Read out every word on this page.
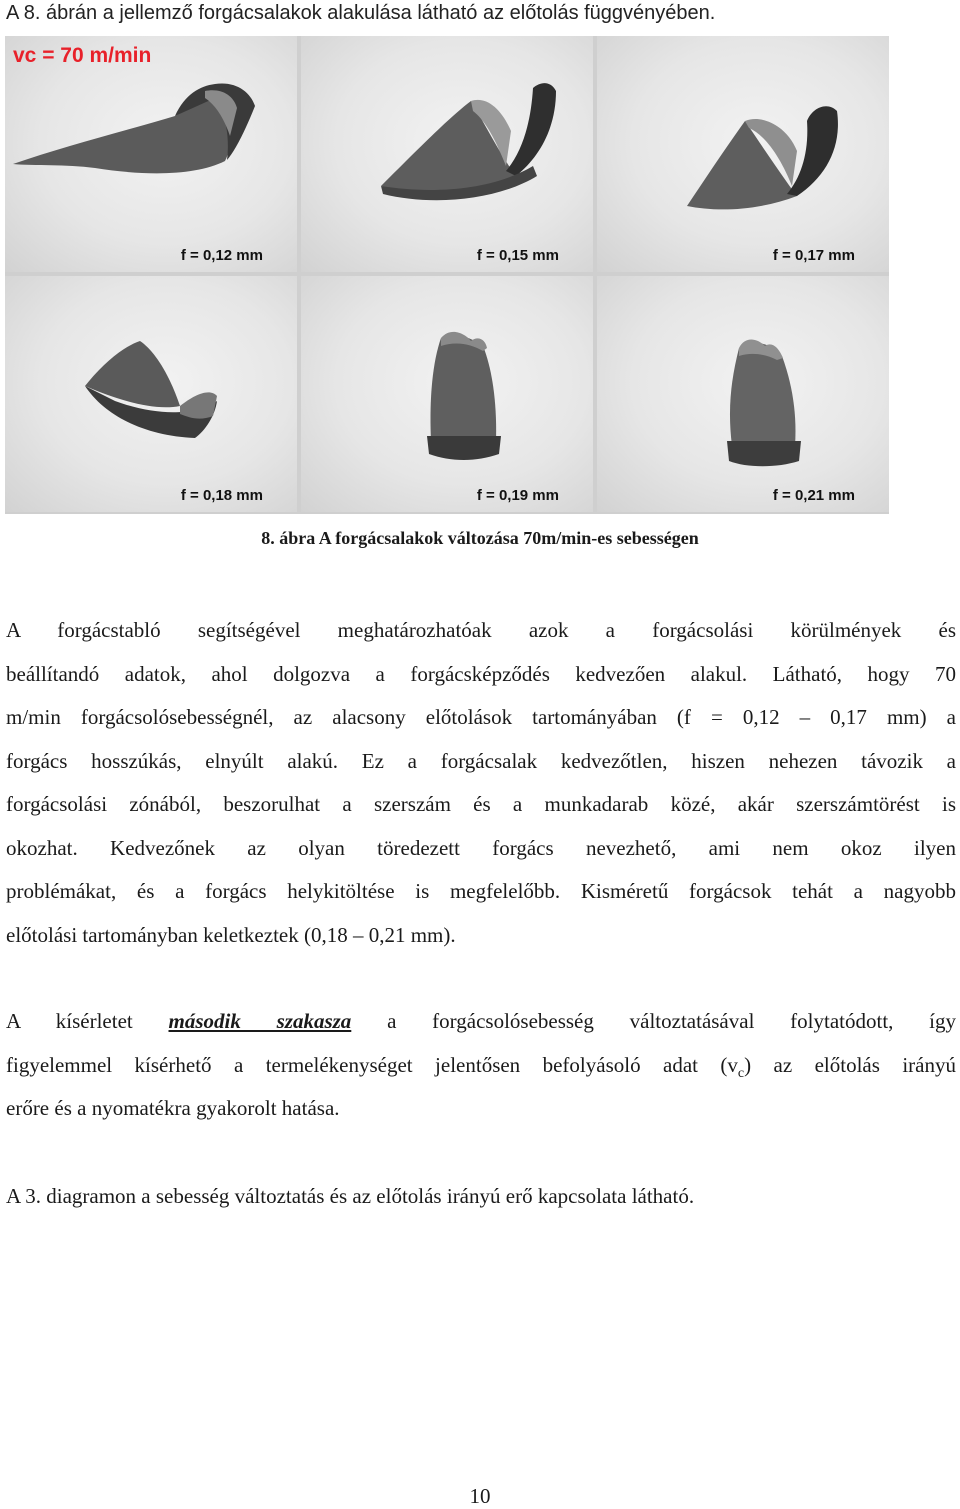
A 8. ábrán a jellemző forgácsalakok alakulása látható az előtolás függvényében.
vc = 70 m/min
f = 0,12 mm	f = 0,15 mm	f = 0,17 mm
f = 0,18 mm	f = 0,19 mm	f = 0,21 mm
8. ábra A forgácsalakok változása 70m/min-es sebességen
A forgácstabló segítségével meghatározhatóak azok a forgácsolási körülmények és
beállítandó adatok, ahol dolgozva a forgácsképződés kedvezően alakul. Látható, hogy 70
m/min forgácsolósebességnél, az alacsony előtolások tartományában (f = 0,12 – 0,17 mm) a
forgács hosszúkás, elnyúlt alakú. Ez a forgácsalak kedvezőtlen, hiszen nehezen távozik a
forgácsolási zónából, beszorulhat a szerszám és a munkadarab közé, akár szerszámtörést is
okozhat. Kedvezőnek az olyan töredezett forgács nevezhető, ami nem okoz ilyen
problémákat, és a forgács helykitöltése is megfelelőbb. Kisméretű forgácsok tehát a nagyobb
előtolási tartományban keletkeztek (0,18 – 0,21 mm).
A kísérletet második szakasza a forgácsolósebesség változtatásával folytatódott, így
figyelemmel kísérhető a termelékenységet jelentősen befolyásoló adat $(v_c)$ az előtolás irányú
erőre és a nyomatékra gyakorolt hatása.
A 3. diagramon a sebesség változtatás és az előtolás irányú erő kapcsolata látható.
10
